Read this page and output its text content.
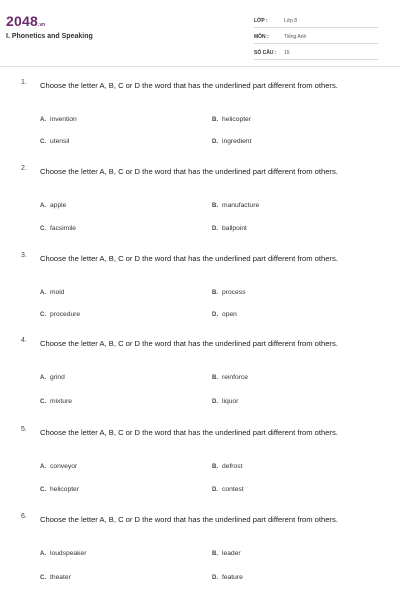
2048.vn
I. Phonetics and Speaking
LỚP :	Lớp 8
MÔN :	Tiếng Anh
SỐ CÂU : 15
1. Choose the letter A, B, C or D the word that has the underlined part different from others.
A. invention	B. helicopter
C. utensil	D. ingredient
2. Choose the letter A, B, C or D the word that has the underlined part different from others.
A. apple	B. manufacture
C. facsimile	D. ballpoint
3. Choose the letter A, B, C or D the word that has the underlined part different from others.
A. mold	B. process
C. procedure	D. open
4. Choose the letter A, B, C or D the word that has the underlined part different from others.
A. grind	B. reinforce
C. mixture	D. liquor
5. Choose the letter A, B, C or D the word that has the underlined part different from others.
A. conveyor	B. defrost
C. helicopter	D. contest
6. Choose the letter A, B, C or D the word that has the underlined part different from others.
A. loudspeaker	B. leader
C. theater	D. feature
